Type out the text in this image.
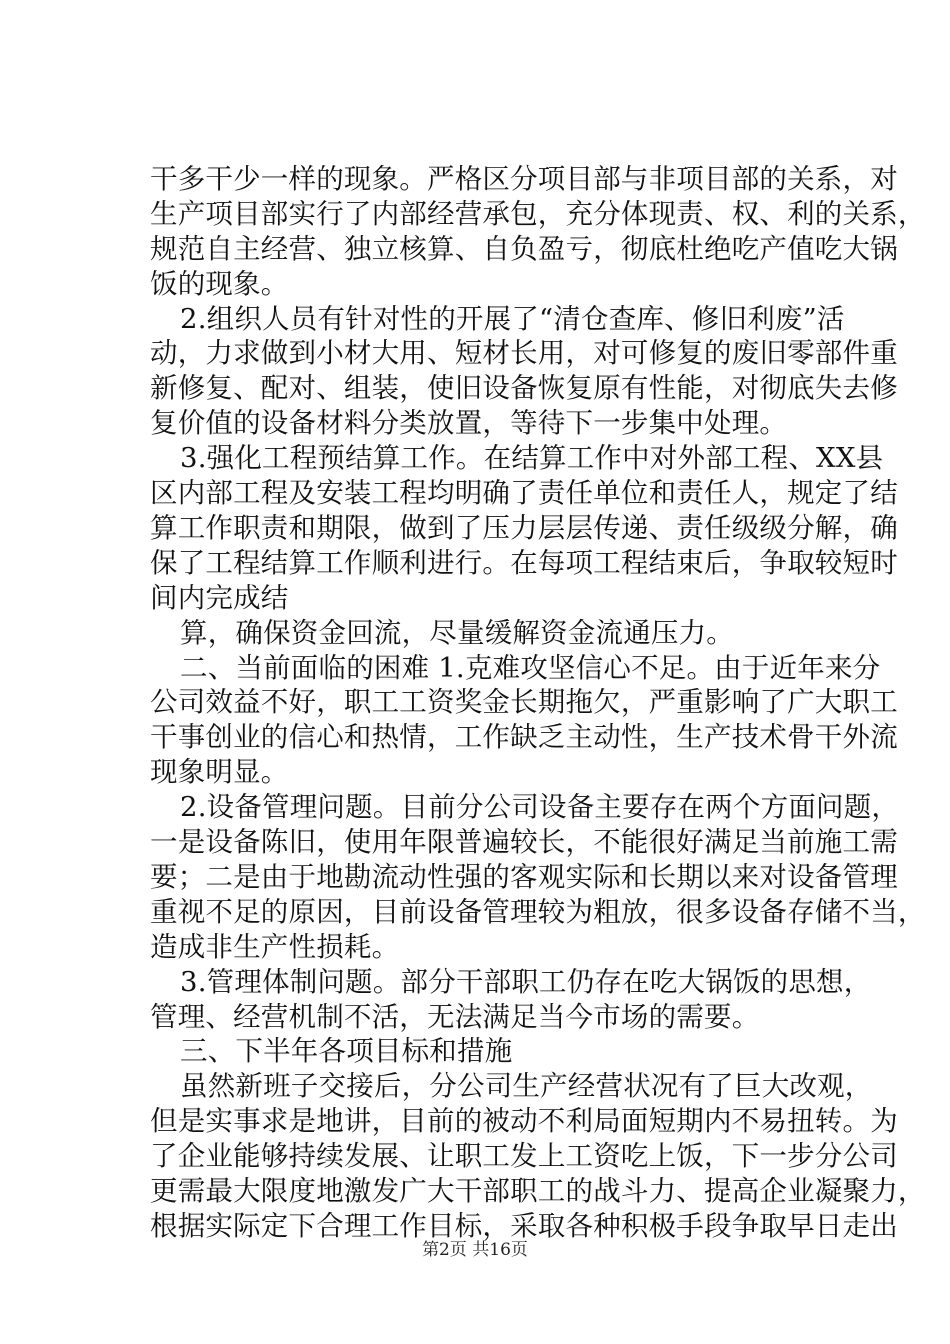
干多干少一样的现象。严格区分项目部与非项目部的关系，对
生产项目部实行了内部经营承包，充分体现责、权、利的关系，
规范自主经营、独立核算、自负盈亏，彻底杜绝吃产值吃大锅
饭的现象。
2.组织人员有针对性的开展了“清仓查库、修旧利废”活
动，力求做到小材大用、短材长用，对可修复的废旧零部件重
新修复、配对、组装，使旧设备恢复原有性能，对彻底失去修
复价值的设备材料分类放置，等待下一步集中处理。
3.强化工程预结算工作。在结算工作中对外部工程、XX县
区内部工程及安装工程均明确了责任单位和责任人，规定了结
算工作职责和期限，做到了压力层层传递、责任级级分解，确
保了工程结算工作顺利进行。在每项工程结束后，争取较短时
间内完成结
算，确保资金回流，尽量缓解资金流通压力。
二、当前面临的困难 1.克难攻坚信心不足。由于近年来分
公司效益不好，职工工资奖金长期拖欠，严重影响了广大职工
干事创业的信心和热情，工作缺乏主动性，生产技术骨干外流
现象明显。
2.设备管理问题。目前分公司设备主要存在两个方面问题，
一是设备陈旧，使用年限普遍较长，不能很好满足当前施工需
要；二是由于地勘流动性强的客观实际和长期以来对设备管理
重视不足的原因，目前设备管理较为粗放，很多设备存储不当，
造成非生产性损耗。
3.管理体制问题。部分干部职工仍存在吃大锅饭的思想，
管理、经营机制不活，无法满足当今市场的需要。
三、下半年各项目标和措施
虽然新班子交接后，分公司生产经营状况有了巨大改观，
但是实事求是地讲，目前的被动不利局面短期内不易扭转。为
了企业能够持续发展、让职工发上工资吃上饭，下一步分公司
更需最大限度地激发广大干部职工的战斗力、提高企业凝聚力，
根据实际定下合理工作目标，采取各种积极手段争取早日走出
第2页 共16页
